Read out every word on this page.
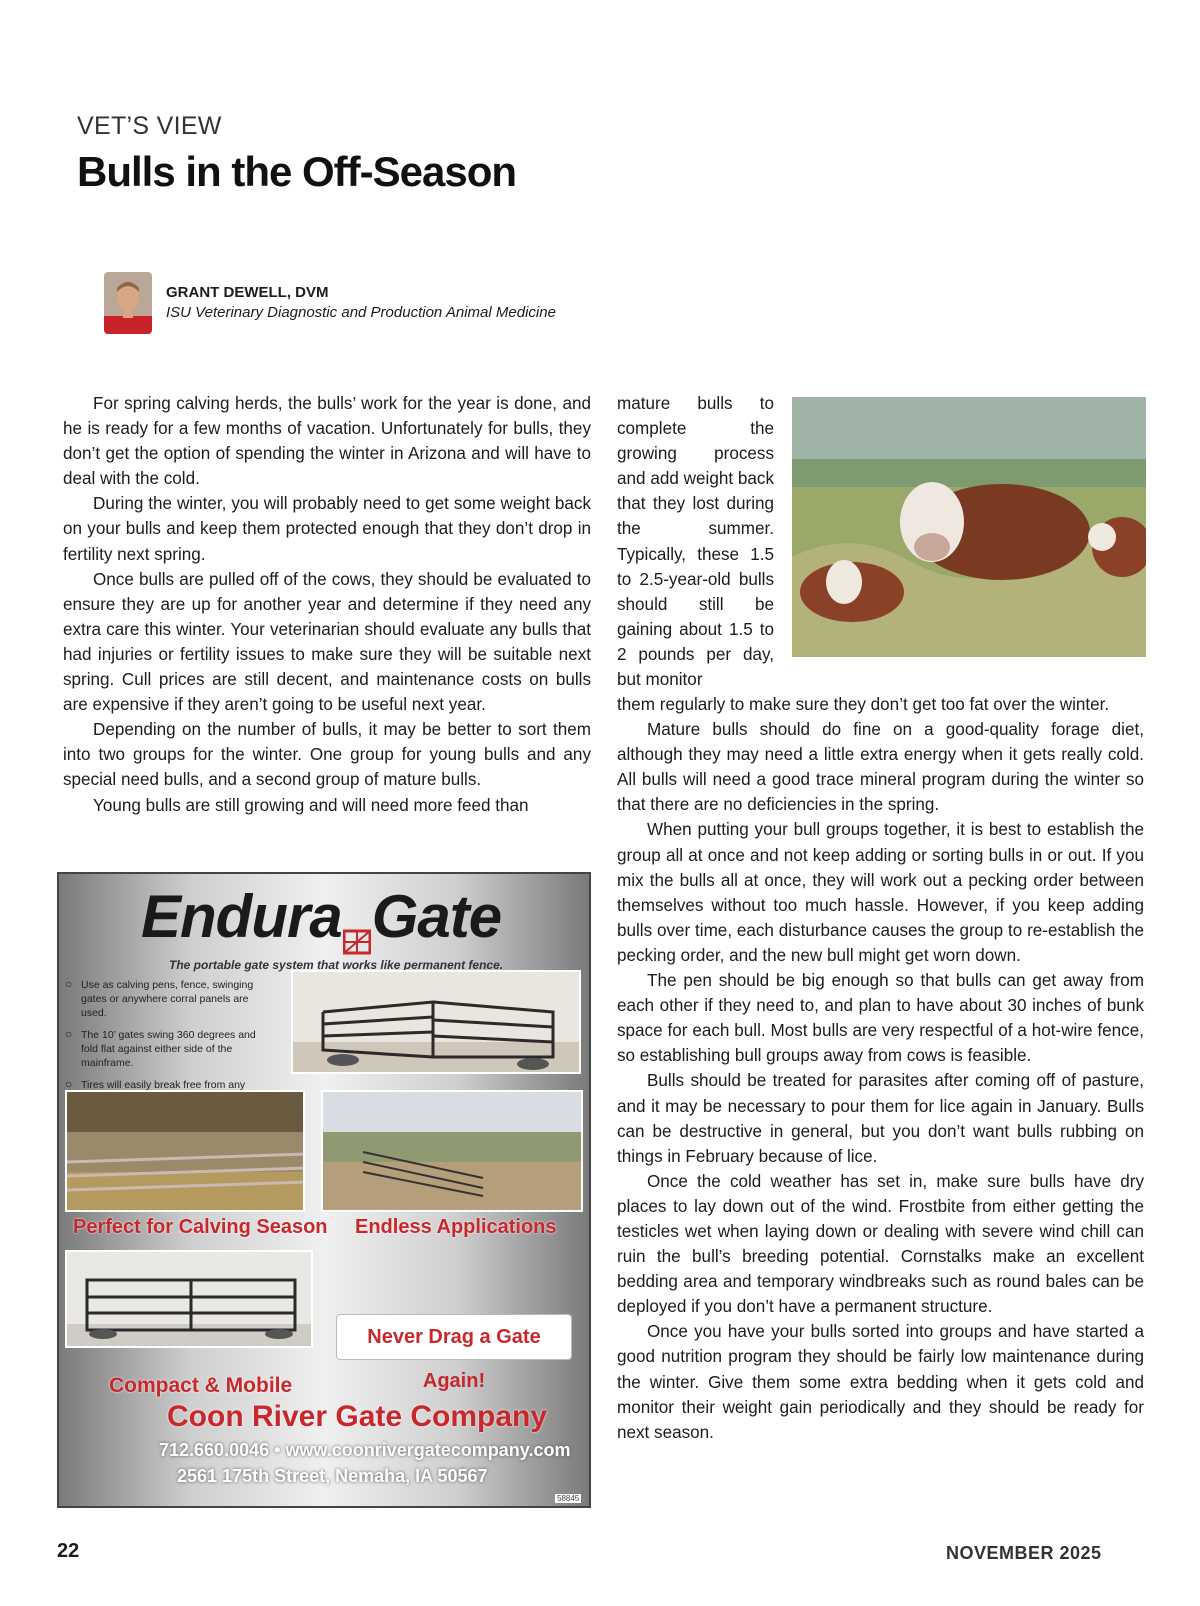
VET’S VIEW
Bulls in the Off-Season
GRANT DEWELL, DVM
ISU Veterinary Diagnostic and Production Animal Medicine

For spring calving herds, the bulls’ work for the year is done, and he is ready for a few months of vacation. Unfortunately for bulls, they don’t get the option of spending the winter in Arizona and will have to deal with the cold.

During the winter, you will probably need to get some weight back on your bulls and keep them protected enough that they don’t drop in fertility next spring.

Once bulls are pulled off of the cows, they should be evaluated to ensure they are up for another year and determine if they need any extra care this winter. Your veterinarian should evaluate any bulls that had injuries or fertility issues to make sure they will be suitable next spring. Cull prices are still decent, and maintenance costs on bulls are expensive if they aren’t going to be useful next year.

Depending on the number of bulls, it may be better to sort them into two groups for the winter. One group for young bulls and any special need bulls, and a second group of mature bulls.

Young bulls are still growing and will need more feed than

mature bulls to complete the growing process and add weight back that they lost during the summer. Typically, these 1.5 to 2.5-year-old bulls should still be gaining about 1.5 to 2 pounds per day, but monitor

them regularly to make sure they don’t get too fat over the winter.

Mature bulls should do fine on a good-quality forage diet, although they may need a little extra energy when it gets really cold. All bulls will need a good trace mineral program during the winter so that there are no deficiencies in the spring.

When putting your bull groups together, it is best to establish the group all at once and not keep adding or sorting bulls in or out. If you mix the bulls all at once, they will work out a pecking order between themselves without too much hassle. However, if you keep adding bulls over time, each disturbance causes the group to re-establish the pecking order, and the new bull might get worn down.

The pen should be big enough so that bulls can get away from each other if they need to, and plan to have about 30 inches of bunk space for each bull. Most bulls are very respectful of a hot-wire fence, so establishing bull groups away from cows is feasible.

Bulls should be treated for parasites after coming off of pasture, and it may be necessary to pour them for lice again in January. Bulls can be destructive in general, but you don’t want bulls rubbing on things in February because of lice.

Once the cold weather has set in, make sure bulls have dry places to lay down out of the wind. Frostbite from either getting the testicles wet when laying down or dealing with severe wind chill can ruin the bull’s breeding potential. Cornstalks make an excellent bedding area and temporary windbreaks such as round bales can be deployed if you don’t have a permanent structure.

Once you have your bulls sorted into groups and have started a good nutrition program they should be fairly low maintenance during the winter. Give them some extra bedding when it gets cold and monitor their weight gain periodically and they should be ready for next season.

Endura Gate
The portable gate system that works like permanent fence.
○ Use as calving pens, fence, swinging gates or anywhere corral panels are used.
○ The 10’ gates swing 360 degrees and fold flat against either side of the mainframe.
○ Tires will easily break free from any
○
Perfect for Calving Season Endless Applications
Never Drag a Gate Again!
Compact & Mobile
Coon River Gate Company
712.660.0046 • www.coonrivergatecompany.com
2561 175th Street, Nemaha, IA 50567
58845
22	NOVEMBER 2025
